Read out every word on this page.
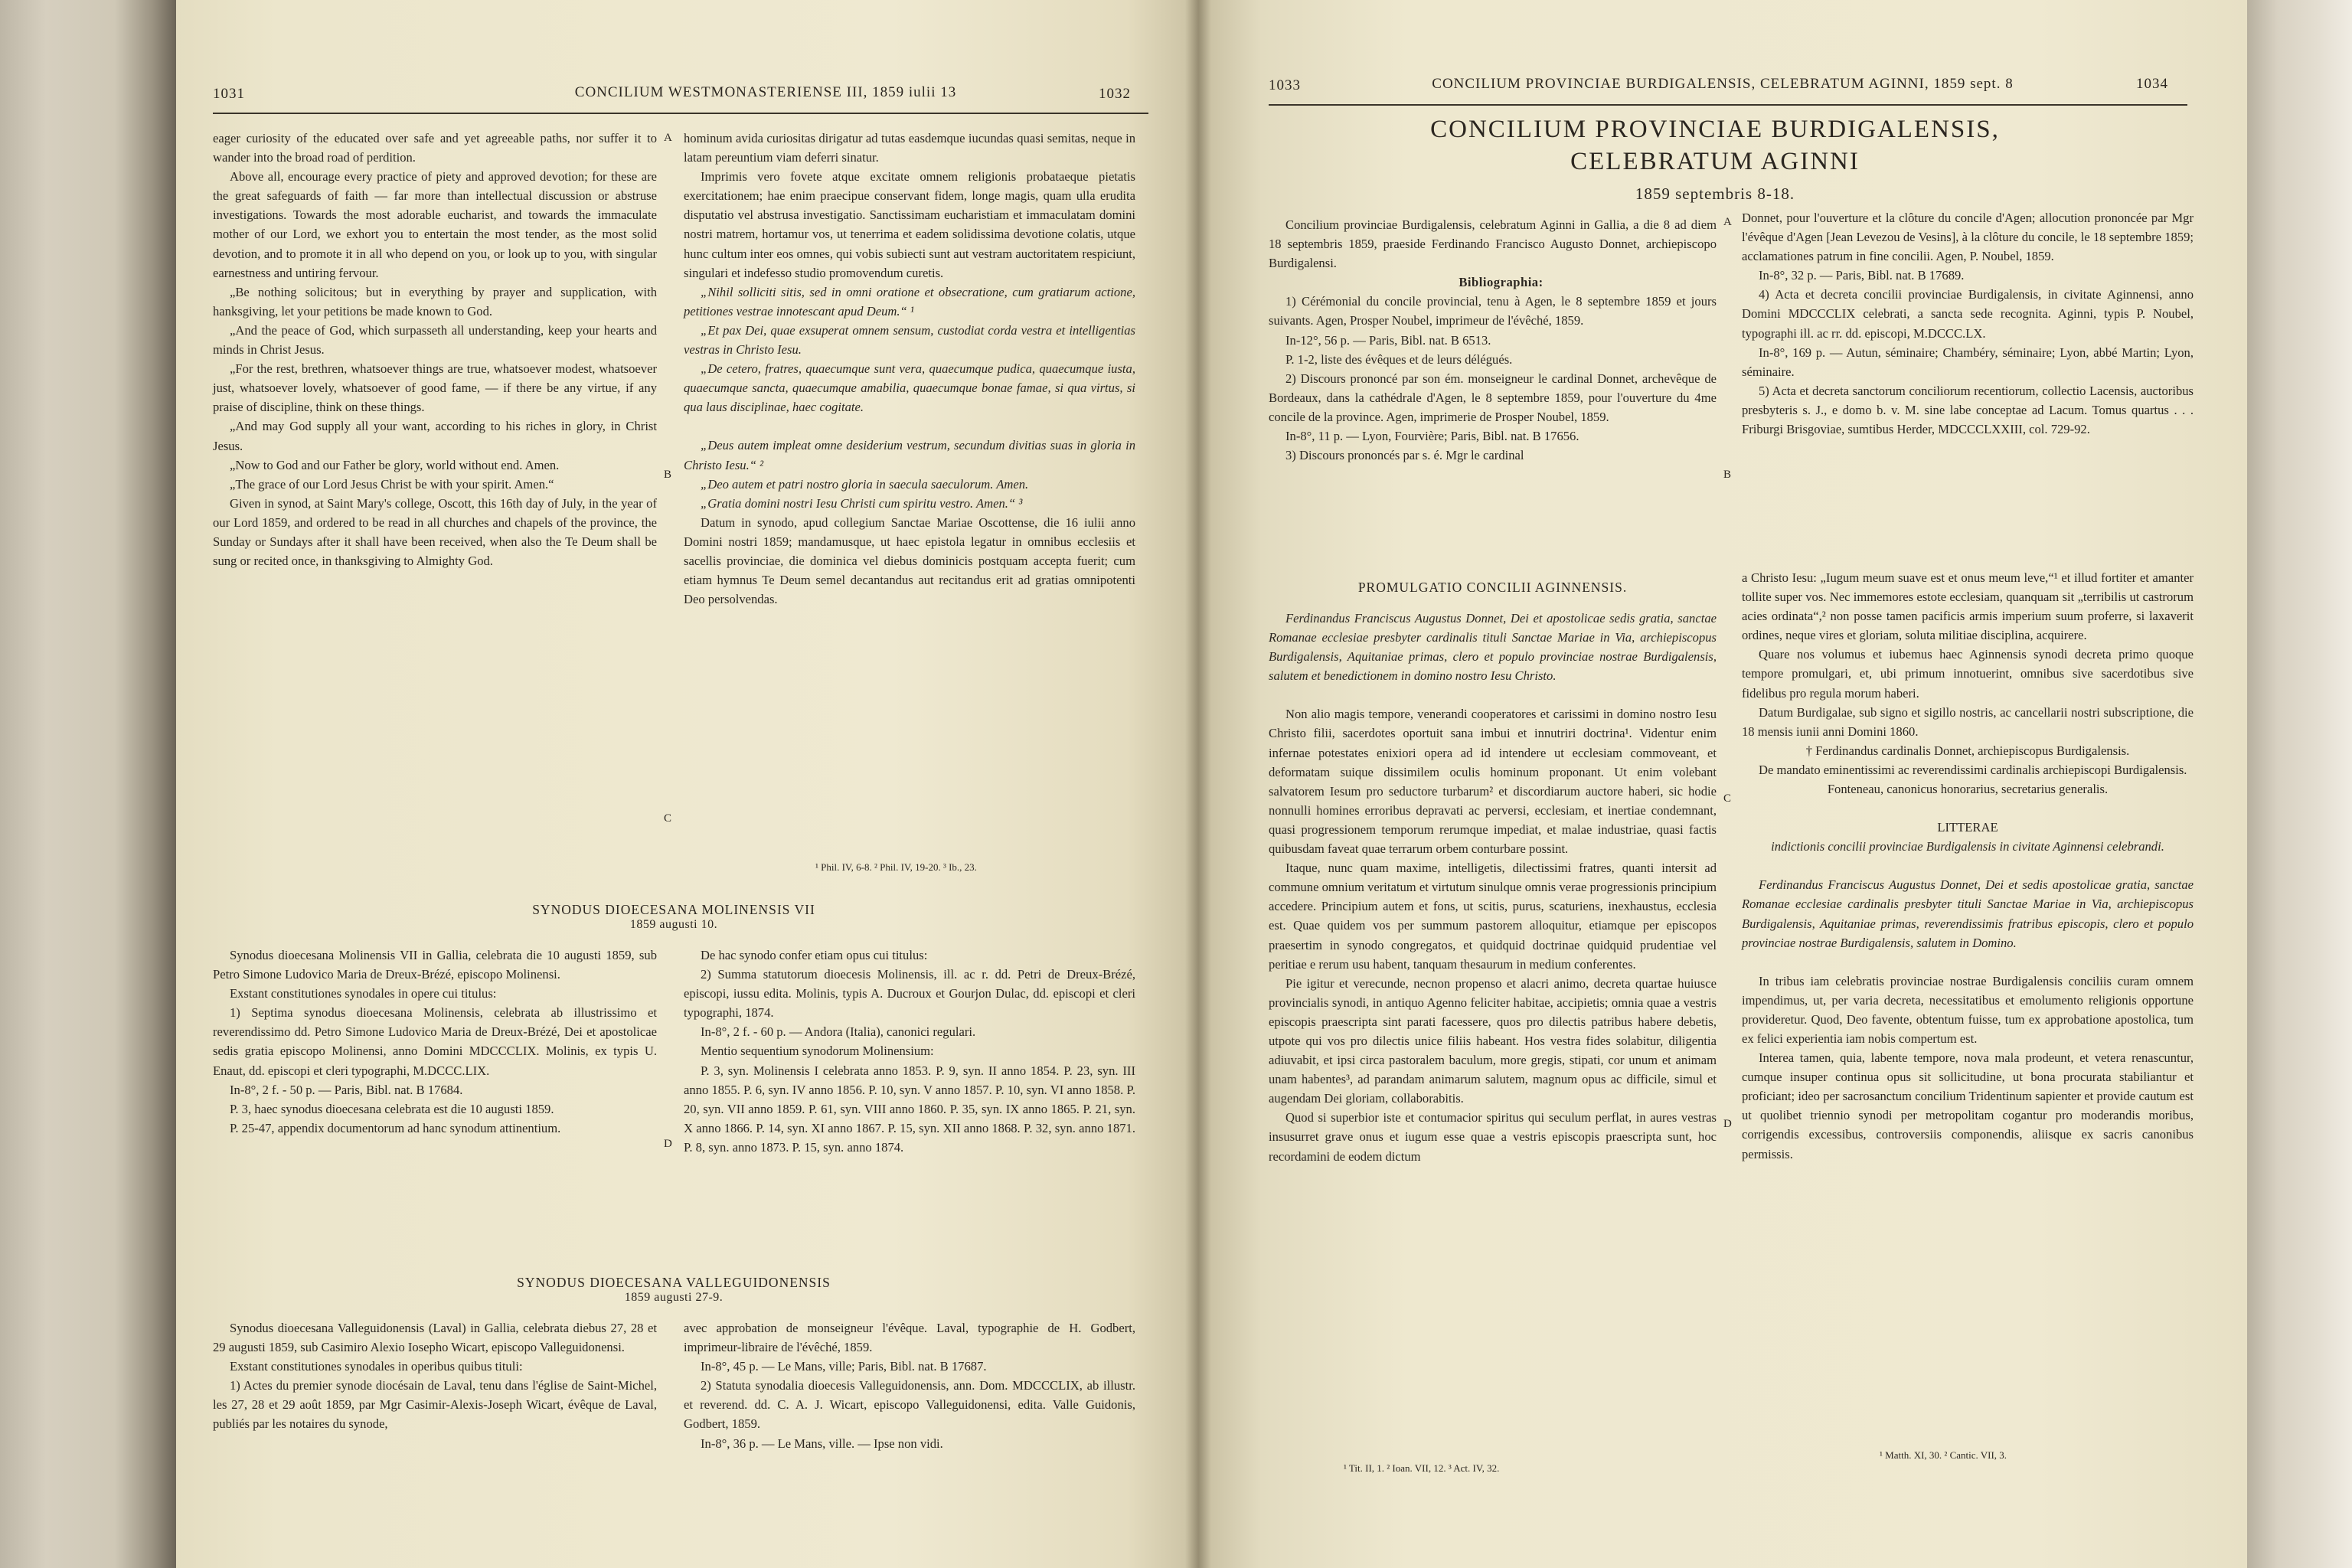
1031	CONCILIUM WESTMONASTERIENSE III, 1859 iulii 13	1032

eager curiosity of the educated over safe and yet agreeable paths, nor suffer it to wander into the broad road of perdition.

Above all, encourage every practice of piety and approved devotion; for these are the great safeguards of faith — far more than intellectual discussion or abstruse investigations. Towards the most adorable eucharist, and towards the immaculate mother of our Lord, we exhort you to entertain the most tender, as the most solid devotion, and to promote it in all who depend on you, or look up to you, with singular earnestness and untiring fervour.

„Be nothing solicitous; but in everything by prayer and supplication, with hanksgiving, let your petitions be made known to God.

„And the peace of God, which surpasseth all understanding, keep your hearts and minds in Christ Jesus.

„For the rest, brethren, whatsoever things are true, whatsoever modest, whatsoever just, whatsoever lovely, whatsoever of good fame, — if there be any virtue, if any praise of discipline, think on these things.

„And may God supply all your want, according to his riches in glory, in Christ Jesus.

„Now to God and our Father be glory, world without end. Amen.

„The grace of our Lord Jesus Christ be with your spirit. Amen.“

Given in synod, at Saint Mary's college, Oscott, this 16th day of July, in the year of our Lord 1859, and ordered to be read in all churches and chapels of the province, the Sunday or Sundays after it shall have been received, when also the Te Deum shall be sung or recited once, in thanksgiving to Almighty God.

hominum avida curiositas dirigatur ad tutas easdemque iucundas quasi semitas, neque in latam pereuntium viam deferri sinatur.

Imprimis vero fovete atque excitate omnem religionis probataeque pietatis exercitationem; hae enim praecipue conservant fidem, longe magis, quam ulla erudita disputatio vel abstrusa investigatio. Sanctissimam eucharistiam et immaculatam domini nostri matrem, hortamur vos, ut tenerrima et eadem solidissima devotione colatis, utque hunc cultum inter eos omnes, qui vobis subiecti sunt aut vestram auctoritatem respiciunt, singulari et indefesso studio promovendum curetis.

„Nihil solliciti sitis, sed in omni oratione et obsecratione, cum gratiarum actione, petitiones vestrae innotescant apud Deum.“ ¹

„Et pax Dei, quae exsuperat omnem sensum, custodiat corda vestra et intelligentias vestras in Christo Iesu.

„De cetero, fratres, quaecumque sunt vera, quaecumque pudica, quaecumque iusta, quaecumque sancta, quaecumque amabilia, quaecumque bonae famae, si qua virtus, si qua laus disciplinae, haec cogitate.

„Deus autem impleat omne desiderium vestrum, secundum divitias suas in gloria in Christo Iesu.“ ²

„Deo autem et patri nostro gloria in saecula saeculorum. Amen.

„Gratia domini nostri Iesu Christi cum spiritu vestro. Amen.“ ³

Datum in synodo, apud collegium Sanctae Mariae Oscottense, die 16 iulii anno Domini nostri 1859; mandamusque, ut haec epistola legatur in omnibus ecclesiis et sacellis provinciae, die dominica vel diebus dominicis postquam accepta fuerit; cum etiam hymnus Te Deum semel decantandus aut recitandus erit ad gratias omnipotenti Deo persolvendas.

A
B
C
D
¹ Phil. IV, 6-8. ² Phil. IV, 19-20. ³ Ib., 23.
SYNODUS DIOECESANA MOLINENSIS VII
1859 augusti 10.

Synodus dioecesana Molinensis VII in Gallia, celebrata die 10 augusti 1859, sub Petro Simone Ludovico Maria de Dreux-Brézé, episcopo Molinensi.

Exstant constitutiones synodales in opere cui titulus:

1) Septima synodus dioecesana Molinensis, celebrata ab illustrissimo et reverendissimo dd. Petro Simone Ludovico Maria de Dreux-Brézé, Dei et apostolicae sedis gratia episcopo Molinensi, anno Domini MDCCCLIX. Molinis, ex typis U. Enaut, dd. episcopi et cleri typographi, M.DCCC.LIX.

In-8°, 2 f. - 50 p. — Paris, Bibl. nat. B 17684.

P. 3, haec synodus dioecesana celebrata est die 10 augusti 1859.

P. 25-47, appendix documentorum ad hanc synodum attinentium.

De hac synodo confer etiam opus cui titulus:

2) Summa statutorum dioecesis Molinensis, ill. ac r. dd. Petri de Dreux-Brézé, episcopi, iussu edita. Molinis, typis A. Ducroux et Gourjon Dulac, dd. episcopi et cleri typographi, 1874.

In-8°, 2 f. - 60 p. — Andora (Italia), canonici regulari.

Mentio sequentium synodorum Molinensium:

P. 3, syn. Molinensis I celebrata anno 1853. P. 9, syn. II anno 1854. P. 23, syn. III anno 1855. P. 6, syn. IV anno 1856. P. 10, syn. V anno 1857. P. 10, syn. VI anno 1858. P. 20, syn. VII anno 1859. P. 61, syn. VIII anno 1860. P. 35, syn. IX anno 1865. P. 21, syn. X anno 1866. P. 14, syn. XI anno 1867. P. 15, syn. XII anno 1868. P. 32, syn. anno 1871. P. 8, syn. anno 1873. P. 15, syn. anno 1874.

SYNODUS DIOECESANA VALLEGUIDONENSIS
1859 augusti 27-9.

Synodus dioecesana Valleguidonensis (Laval) in Gallia, celebrata diebus 27, 28 et 29 augusti 1859, sub Casimiro Alexio Iosepho Wicart, episcopo Valleguidonensi.

Exstant constitutiones synodales in operibus quibus tituli:

1) Actes du premier synode diocésain de Laval, tenu dans l'église de Saint-Michel, les 27, 28 et 29 août 1859, par Mgr Casimir-Alexis-Joseph Wicart, évêque de Laval, publiés par les notaires du synode,

avec approbation de monseigneur l'évêque. Laval, typographie de H. Godbert, imprimeur-libraire de l'évêché, 1859.

In-8°, 45 p. — Le Mans, ville; Paris, Bibl. nat. B 17687.

2) Statuta synodalia dioecesis Valleguidonensis, ann. Dom. MDCCCLIX, ab illustr. et reverend. dd. C. A. J. Wicart, episcopo Valleguidonensi, edita. Valle Guidonis, Godbert, 1859.

In-8°, 36 p. — Le Mans, ville. — Ipse non vidi.

1033	CONCILIUM PROVINCIAE BURDIGALENSIS, CELEBRATUM AGINNI, 1859 sept. 8	1034
CONCILIUM PROVINCIAE BURDIGALENSIS,
CELEBRATUM AGINNI
1859 septembris 8-18.

Concilium provinciae Burdigalensis, celebratum Aginni in Gallia, a die 8 ad diem 18 septembris 1859, praeside Ferdinando Francisco Augusto Donnet, archiepiscopo Burdigalensi.

Bibliographia:

1) Cérémonial du concile provincial, tenu à Agen, le 8 septembre 1859 et jours suivants. Agen, Prosper Noubel, imprimeur de l'évêché, 1859.

In-12°, 56 p. — Paris, Bibl. nat. B 6513.

P. 1-2, liste des évêques et de leurs délégués.

2) Discours prononcé par son ém. monseigneur le cardinal Donnet, archevêque de Bordeaux, dans la cathédrale d'Agen, le 8 septembre 1859, pour l'ouverture du 4me concile de la province. Agen, imprimerie de Prosper Noubel, 1859.

In-8°, 11 p. — Lyon, Fourvière; Paris, Bibl. nat. B 17656.

3) Discours prononcés par s. é. Mgr le cardinal

Donnet, pour l'ouverture et la clôture du concile d'Agen; allocution prononcée par Mgr l'évêque d'Agen [Jean Levezou de Vesins], à la clôture du concile, le 18 septembre 1859; acclamationes patrum in fine concilii. Agen, P. Noubel, 1859.

In-8°, 32 p. — Paris, Bibl. nat. B 17689.

4) Acta et decreta concilii provinciae Burdigalensis, in civitate Aginnensi, anno Domini MDCCCLIX celebrati, a sancta sede recognita. Aginni, typis P. Noubel, typographi ill. ac rr. dd. episcopi, M.DCCC.LX.

In-8°, 169 p. — Autun, séminaire; Chambéry, séminaire; Lyon, abbé Martin; Lyon, séminaire.

5) Acta et decreta sanctorum conciliorum recentiorum, collectio Lacensis, auctoribus presbyteris s. J., e domo b. v. M. sine labe conceptae ad Lacum. Tomus quartus . . . Friburgi Brisgoviae, sumtibus Herder, MDCCCLXXIII, col. 729-92.

A
B
C
D
PROMULGATIO CONCILII AGINNENSIS.

Ferdinandus Franciscus Augustus Donnet, Dei et apostolicae sedis gratia, sanctae Romanae ecclesiae presbyter cardinalis tituli Sanctae Mariae in Via, archiepiscopus Burdigalensis, Aquitaniae primas, clero et populo provinciae nostrae Burdigalensis, salutem et benedictionem in domino nostro Iesu Christo.

Non alio magis tempore, venerandi cooperatores et carissimi in domino nostro Iesu Christo filii, sacerdotes oportuit sana imbui et innutriri doctrina¹. Videntur enim infernae potestates enixiori opera ad id intendere ut ecclesiam commoveant, et deformatam suique dissimilem oculis hominum proponant. Ut enim volebant salvatorem Iesum pro seductore turbarum² et discordiarum auctore haberi, sic hodie nonnulli homines erroribus depravati ac perversi, ecclesiam, et inertiae condemnant, quasi progressionem temporum rerumque impediat, et malae industriae, quasi factis quibusdam faveat quae terrarum orbem conturbare possint.

Itaque, nunc quam maxime, intelligetis, dilectissimi fratres, quanti intersit ad commune omnium veritatum et virtutum sinulque omnis verae progressionis principium accedere. Principium autem et fons, ut scitis, purus, scaturiens, inexhaustus, ecclesia est. Quae quidem vos per summum pastorem alloquitur, etiamque per episcopos praesertim in synodo congregatos, et quidquid doctrinae quidquid prudentiae vel peritiae e rerum usu habent, tanquam thesaurum in medium conferentes.

Pie igitur et verecunde, necnon propenso et alacri animo, decreta quartae huiusce provincialis synodi, in antiquo Agenno feliciter habitae, accipietis; omnia quae a vestris episcopis praescripta sint parati facessere, quos pro dilectis patribus habere debetis, utpote qui vos pro dilectis unice filiis habeant. Hos vestra fides solabitur, diligentia adiuvabit, et ipsi circa pastoralem baculum, more gregis, stipati, cor unum et animam unam habentes³, ad parandam animarum salutem, magnum opus ac difficile, simul et augendam Dei gloriam, collaborabitis.

Quod si superbior iste et contumacior spiritus qui seculum perflat, in aures vestras insusurret grave onus et iugum esse quae a vestris episcopis praescripta sunt, hoc recordamini de eodem dictum

a Christo Iesu: „Iugum meum suave est et onus meum leve,“¹ et illud fortiter et amanter tollite super vos. Nec immemores estote ecclesiam, quanquam sit „terribilis ut castrorum acies ordinata“,² non posse tamen pacificis armis imperium suum proferre, si laxaverit ordines, neque vires et gloriam, soluta militiae disciplina, acquirere.

Quare nos volumus et iubemus haec Aginnensis synodi decreta primo quoque tempore promulgari, et, ubi primum innotuerint, omnibus sive sacerdotibus sive fidelibus pro regula morum haberi.

Datum Burdigalae, sub signo et sigillo nostris, ac cancellarii nostri subscriptione, die 18 mensis iunii anni Domini 1860.

† Ferdinandus cardinalis Donnet, archiepiscopus Burdigalensis.

De mandato eminentissimi ac reverendissimi cardinalis archiepiscopi Burdigalensis.

Fonteneau, canonicus honorarius, secretarius generalis.

LITTERAE

indictionis concilii provinciae Burdigalensis in civitate Aginnensi celebrandi.

Ferdinandus Franciscus Augustus Donnet, Dei et sedis apostolicae gratia, sanctae Romanae ecclesiae cardinalis presbyter tituli Sanctae Mariae in Via, archiepiscopus Burdigalensis, Aquitaniae primas, reverendissimis fratribus episcopis, clero et populo provinciae nostrae Burdigalensis, salutem in Domino.

In tribus iam celebratis provinciae nostrae Burdigalensis conciliis curam omnem impendimus, ut, per varia decreta, necessitatibus et emolumento religionis opportune provideretur. Quod, Deo favente, obtentum fuisse, tum ex approbatione apostolica, tum ex felici experientia iam nobis compertum est.

Interea tamen, quia, labente tempore, nova mala prodeunt, et vetera renascuntur, cumque insuper continua opus sit sollicitudine, ut bona procurata stabiliantur et proficiant; ideo per sacrosanctum concilium Tridentinum sapienter et provide cautum est ut quolibet triennio synodi per metropolitam cogantur pro moderandis moribus, corrigendis excessibus, controversiis componendis, aliisque ex sacris canonibus permissis.

¹ Tit. II, 1. ² Ioan. VII, 12. ³ Act. IV, 32.
¹ Matth. XI, 30. ² Cantic. VII, 3.
